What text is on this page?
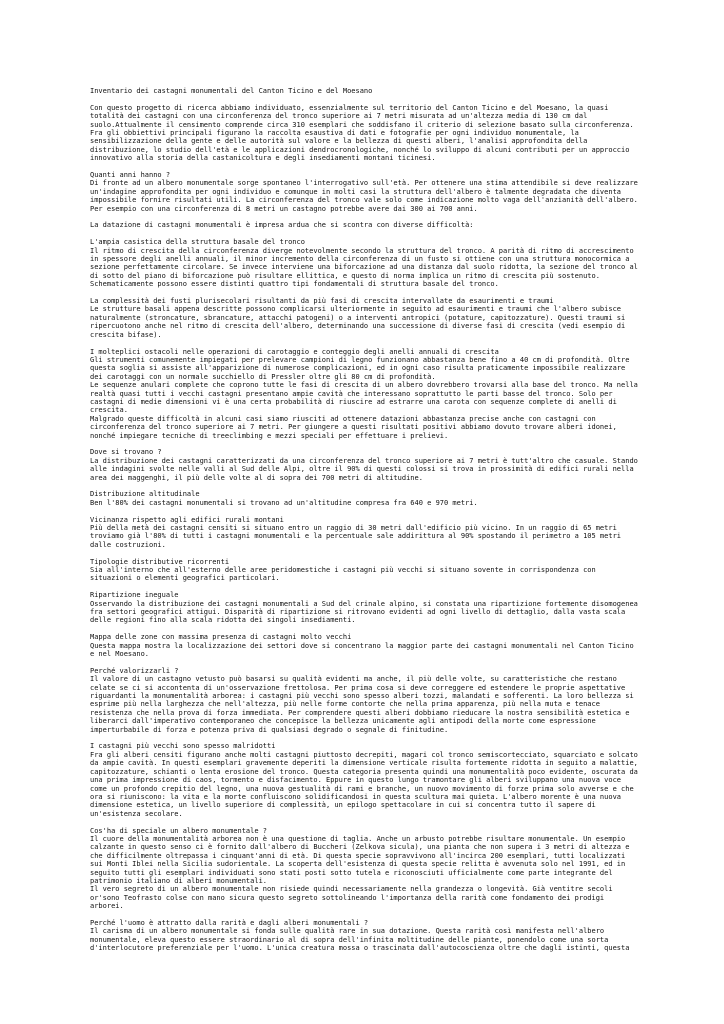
Inventario dei castagni monumentali del Canton Ticino e del Moesano
Con questo progetto di ricerca abbiamo individuato, essenzialmente sul territorio del Canton Ticino e del Moesano, la quasi
totalità dei castagni con una circonferenza del tronco superiore ai 7 metri misurata ad un'altezza media di 130 cm dal
suolo.Attualmente il censimento comprende circa 310 esemplari che soddisfano il criterio di selezione basato sulla circonferenza.
Fra gli obbiettivi principali figurano la raccolta esaustiva di dati e fotografie per ogni individuo monumentale, la
sensibilizzazione della gente e delle autorità sul valore e la bellezza di questi alberi, l'analisi approfondita della
distribuzione, lo studio dell'età e le applicazioni dendrocronologiche, nonché lo sviluppo di alcuni contributi per un approccio
innovativo alla storia della castanicoltura e degli insediamenti montani ticinesi.
Quanti anni hanno ?

Di fronte ad un albero monumentale sorge spontaneo l'interrogativo sull'età. Per ottenere una stima attendibile si deve realizzare
un'indagine approfondita per ogni individuo e comunque in molti casi la struttura dell'albero è talmente degradata che diventa
impossibile fornire risultati utili. La circonferenza del tronco vale solo come indicazione molto vaga dell'anzianità dell'albero.
Per esempio con una circonferenza di 8 metri un castagno potrebbe avere dai 300 ai 700 anni.

La datazione di castagni monumentali è impresa ardua che si scontra con diverse difficoltà:

L'ampia casistica della struttura basale del tronco

Il ritmo di crescita della circonferenza diverge notevolmente secondo la struttura del tronco. A parità di ritmo di accrescimento
in spessore degli anelli annuali, il minor incremento della circonferenza di un fusto si ottiene con una struttura monocormica a
sezione perfettamente circolare. Se invece interviene una biforcazione ad una distanza dal suolo ridotta, la sezione del tronco al
di sotto del piano di biforcazione può risultare ellittica, e questo di norma implica un ritmo di crescita più sostenuto.
Schematicamente possono essere distinti quattro tipi fondamentali di struttura basale del tronco.

La complessità dei fusti plurisecolari risultanti da più fasi di crescita intervallate da esaurimenti e traumi

Le strutture basali appena descritte possono complicarsi ulteriormente in seguito ad esaurimenti e traumi che l'albero subisce
naturalmente (stroncature, sbrancature, attacchi patogeni) o a interventi antropici (potature, capitozzature). Questi traumi si
ripercuotono anche nel ritmo di crescita dell'albero, determinando una successione di diverse fasi di crescita (vedi esempio di
crescita bifase).

I molteplici ostacoli nelle operazioni di carotaggio e conteggio degli anelli annuali di crescita

Gli strumenti comunemente impiegati per prelevare campioni di legno funzionano abbastanza bene fino a 40 cm di profondità. Oltre
questa soglia si assiste all'apparizione di numerose complicazioni, ed in ogni caso risulta praticamente impossibile realizzare
dei carotaggi con un normale succhiello di Pressler oltre gli 80 cm di profondità.
Le sequenze anulari complete che coprono tutte le fasi di crescita di un albero dovrebbero trovarsi alla base del tronco. Ma nella
realtà quasi tutti i vecchi castagni presentano ampie cavità che interessano soprattutto le parti basse del tronco. Solo per
castagni di medie dimensioni vi è una certa probabilità di riuscire ad estrarre una carota con sequenze complete di anelli di
crescita.
Malgrado queste difficoltà in alcuni casi siamo riusciti ad ottenere datazioni abbastanza precise anche con castagni con
circonferenza del tronco superiore ai 7 metri. Per giungere a questi risultati positivi abbiamo dovuto trovare alberi idonei,
nonché impiegare tecniche di treeclimbing e mezzi speciali per effettuare i prelievi.

Dove si trovano ?

La distribuzione dei castagni caratterizzati da una circonferenza del tronco superiore ai 7 metri è tutt'altro che casuale. Stando
alle indagini svolte nelle valli al Sud delle Alpi, oltre il 90% di questi colossi si trova in prossimità di edifici rurali nella
area dei maggenghi, il più delle volte al di sopra dei 700 metri di altitudine.

Distribuzione altitudinale

Ben l'80% dei castagni monumentali si trovano ad un'altitudine compresa fra 640 e 970 metri.

Vicinanza rispetto agli edifici rurali montani

Più della metà dei castagni censiti si situano entro un raggio di 30 metri dall'edificio più vicino. In un raggio di 65 metri
troviamo già l'80% di tutti i castagni monumentali e la percentuale sale addirittura al 90% spostando il perimetro a 105 metri
dalle costruzioni.

Tipologie distributive ricorrenti

Sia all'interno che all'esterno delle aree peridomestiche i castagni più vecchi si situano sovente in corrispondenza con
situazioni o elementi geografici particolari.

Ripartizione ineguale

Osservando la distribuzione dei castagni monumentali a Sud del crinale alpino, si constata una ripartizione fortemente disomogenea
fra settori geografici attigui. Disparità di ripartizione si ritrovano evidenti ad ogni livello di dettaglio, dalla vasta scala
delle regioni fino alla scala ridotta dei singoli insediamenti.

Mappa delle zone con massima presenza di castagni molto vecchi

Questa mappa mostra la localizzazione dei settori dove si concentrano la maggior parte dei castagni monumentali nel Canton Ticino
e nel Moesano.

Perché valorizzarli ?

Il valore di un castagno vetusto può basarsi su qualità evidenti ma anche, il più delle volte, su caratteristiche che restano
celate se ci si accontenta di un'osservazione frettolosa. Per prima cosa si deve correggere ed estendere le proprie aspettative
riguardanti la monumentalità arborea: i castagni più vecchi sono spesso alberi tozzi, malandati e sofferenti. La loro bellezza si
esprime più nella larghezza che nell'altezza, più nelle forme contorte che nella prima apparenza, più nella muta e tenace
resistenza che nella prova di forza immediata. Per comprendere questi alberi dobbiamo rieducare la nostra sensibilità estetica e
liberarci dall'imperativo contemporaneo che concepisce la bellezza unicamente agli antipodi della morte come espressione
imperturbabile di forza e potenza priva di qualsiasi degrado o segnale di finitudine.

I castagni più vecchi sono spesso malridotti

Fra gli alberi censiti figurano anche molti castagni piuttosto decrepiti, magari col tronco semiscortecciato, squarciato e solcato
da ampie cavità. In questi esemplari gravemente deperiti la dimensione verticale risulta fortemente ridotta in seguito a malattie,
capitozzature, schianti o lenta erosione del tronco. Questa categoria presenta quindi una monumentalità poco evidente, oscurata da
una prima impressione di caos, tormento e disfacimento. Eppure in questo lungo tramontare gli alberi sviluppano una nuova voce
come un profondo crepitio del legno, una nuova gestualità di rami e branche, un nuovo movimento di forze prima solo avverse e che
ora si riuniscono: la vita e la morte confluiscono solidificandosi in questa scultura mai quieta. L'albero morente è una nuova
dimensione estetica, un livello superiore di complessità, un epilogo spettacolare in cui si concentra tutto il sapere di
un'esistenza secolare.

Cos'ha di speciale un albero monumentale ?

Il cuore della monumentalità arborea non è una questione di taglia. Anche un arbusto potrebbe risultare monumentale. Un esempio
calzante in questo senso ci è fornito dall'albero di Buccheri (Zelkova sicula), una pianta che non supera i 3 metri di altezza e
che difficilmente oltrepassa i cinquant'anni di età. Di questa specie sopravvivono all'incirca 200 esemplari, tutti localizzati
sui Monti Iblei nella Sicilia sudorientale. La scoperta dell'esistenza di questa specie relitta è avvenuta solo nel 1991, ed in
seguito tutti gli esemplari individuati sono stati posti sotto tutela e riconosciuti ufficialmente come parte integrante del
patrimonio italiano di alberi monumentali.
Il vero segreto di un albero monumentale non risiede quindi necessariamente nella grandezza o longevità. Già ventitre secoli
or'sono Teofrasto colse con mano sicura questo segreto sottolineando l'importanza della rarità come fondamento dei prodigi
arborei.

Perché l'uomo è attratto dalla rarità e dagli alberi monumentali ?

Il carisma di un albero monumentale si fonda sulle qualità rare in sua dotazione. Questa rarità così manifesta nell'albero
monumentale, eleva questo essere straordinario al di sopra dell'infinita moltitudine delle piante, ponendolo come una sorta
d'interlocutore preferenziale per l'uomo. L'unica creatura mossa o trascinata dall'autocoscienza oltre che dagli istinti, questa
